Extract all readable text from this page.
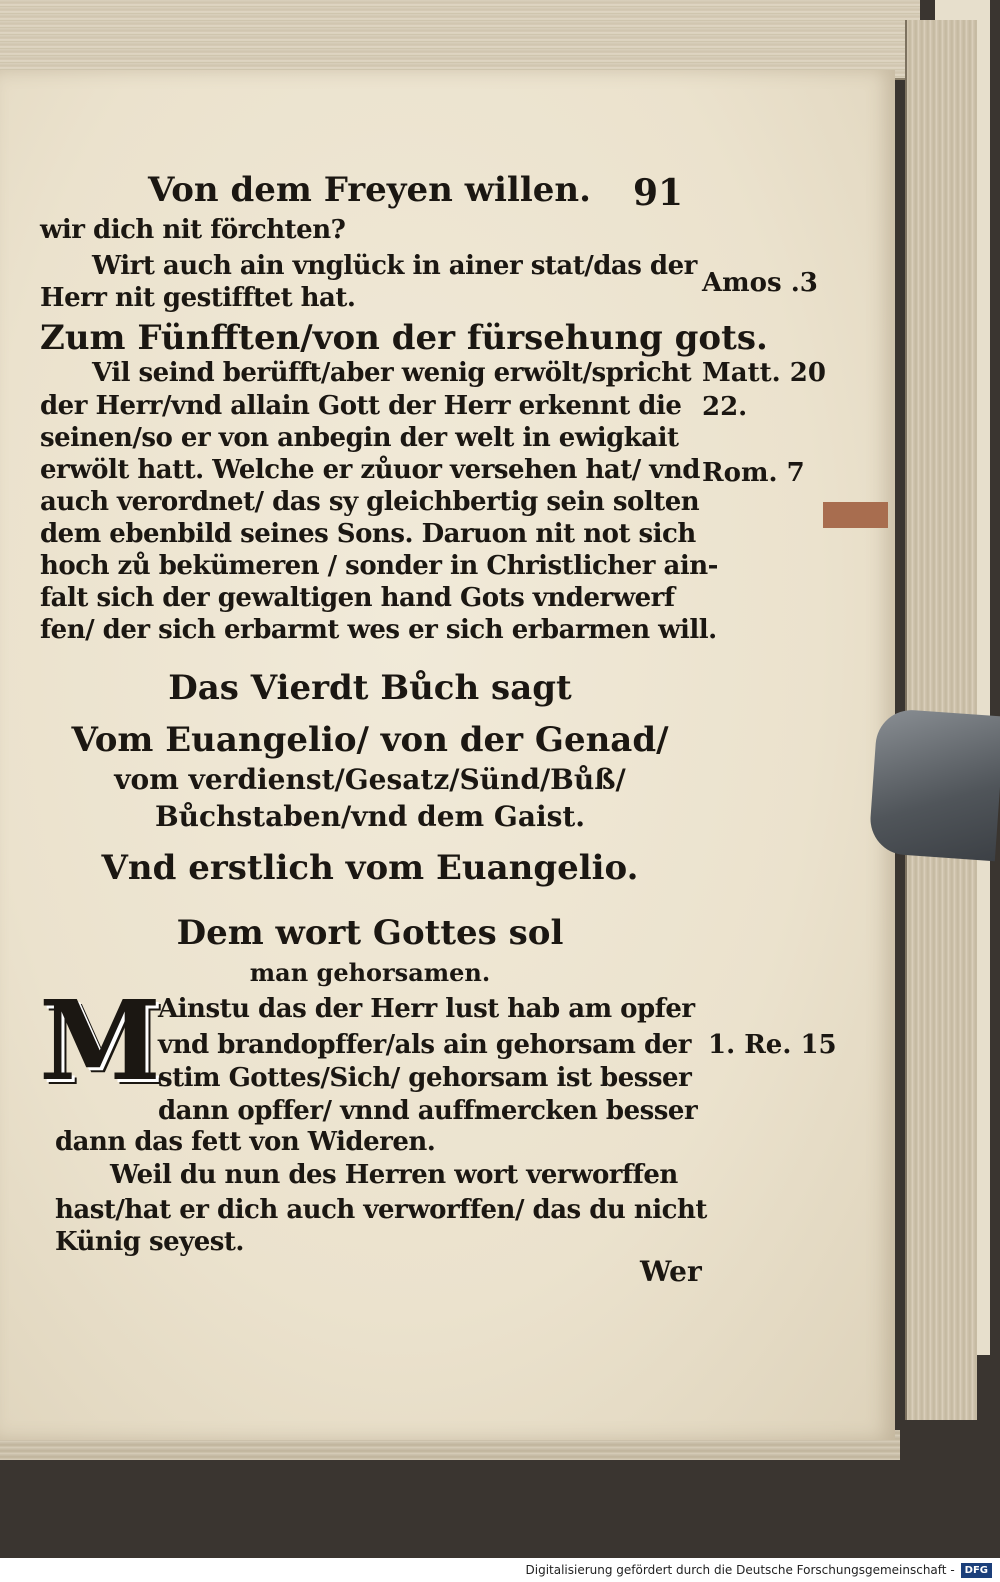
Von dem Freyen willen. 91

wir dich nit förchten?

Wirt auch ain vnglück in ainer stat/das der

Herr nit gestifftet hat.

Zum Fünfften/von der fürsehung gots.

Vil seind berüfft/aber wenig erwölt/spricht

der Herr/vnd allain Gott der Herr erkennt die

seinen/so er von anbegin der welt in ewigkait

erwölt hatt. Welche er zůuor versehen hat/ vnd

auch verordnet/ das sy gleichbertig sein solten

dem ebenbild seines Sons. Daruon nit not sich

hoch zů bekümeren / sonder in Christlicher ain-

falt sich der gewaltigen hand Gots vnderwerf

fen/ der sich erbarmt wes er sich erbarmen will.

Das Vierdt Bůch sagt

Vom Euangelio/ von der Genad/

vom verdienst/Gesatz/Sünd/Bůß/

Bůchstaben/vnd dem Gaist.

Vnd erstlich vom Euangelio.

Dem wort Gottes sol

man gehorsamen.

M

Ainstu das der Herr lust hab am opfer

vnd brandopffer/als ain gehorsam der

stim Gottes/Sich/ gehorsam ist besser

dann opffer/ vnnd auffmercken besser

dann das fett von Wideren.

Weil du nun des Herren wort verworffen

hast/hat er dich auch verworffen/ das du nicht

Künig seyest.

Wer

Amos .3

Matt. 20

22.

Rom. 7

1. Re. 15

Digitalisierung gefördert durch die Deutsche Forschungsgemeinschaft -	DFG
